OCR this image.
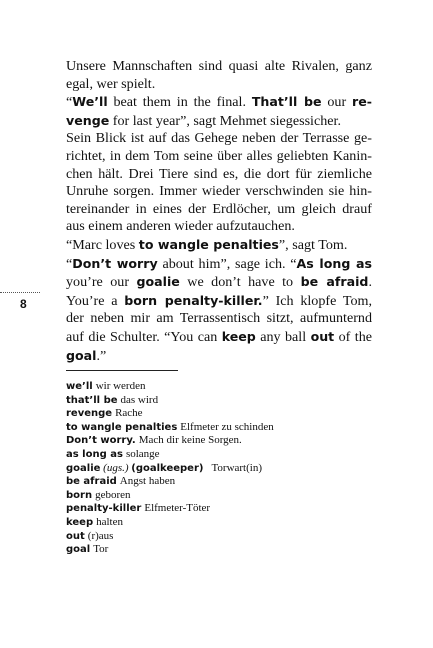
8

Unsere Mannschaften sind quasi alte Rivalen, ganz egal, wer spielt.

“We’ll beat them in the final. That’ll be our revenge for last year”, sagt Mehmet siegessicher.

Sein Blick ist auf das Gehege neben der Terrasse gerichtet, in dem Tom seine über alles geliebten Kaninchen hält. Drei Tiere sind es, die dort für ziemliche Unruhe sorgen. Immer wieder verschwinden sie hintereinander in eines der Erdlöcher, um gleich drauf aus einem anderen wieder aufzutauchen.

“Marc loves to wangle penalties”, sagt Tom.

“Don’t worry about him”, sage ich. “As long as you’re our goalie we don’t have to be afraid. You’re a born penalty-killer.” Ich klopfe Tom, der neben mir am Terrassentisch sitzt, aufmunternd auf die Schulter. “You can keep any ball out of the goal.”

we’ll wir werden
that’ll be das wird
revenge Rache
to wangle penalties Elfmeter zu schinden
Don’t worry. Mach dir keine Sorgen.
as long as solange
goalie (ugs.) (goalkeeper) Torwart(in)
be afraid Angst haben
born geboren
penalty-killer Elfmeter-Töter
keep halten
out (r)aus
goal Tor
